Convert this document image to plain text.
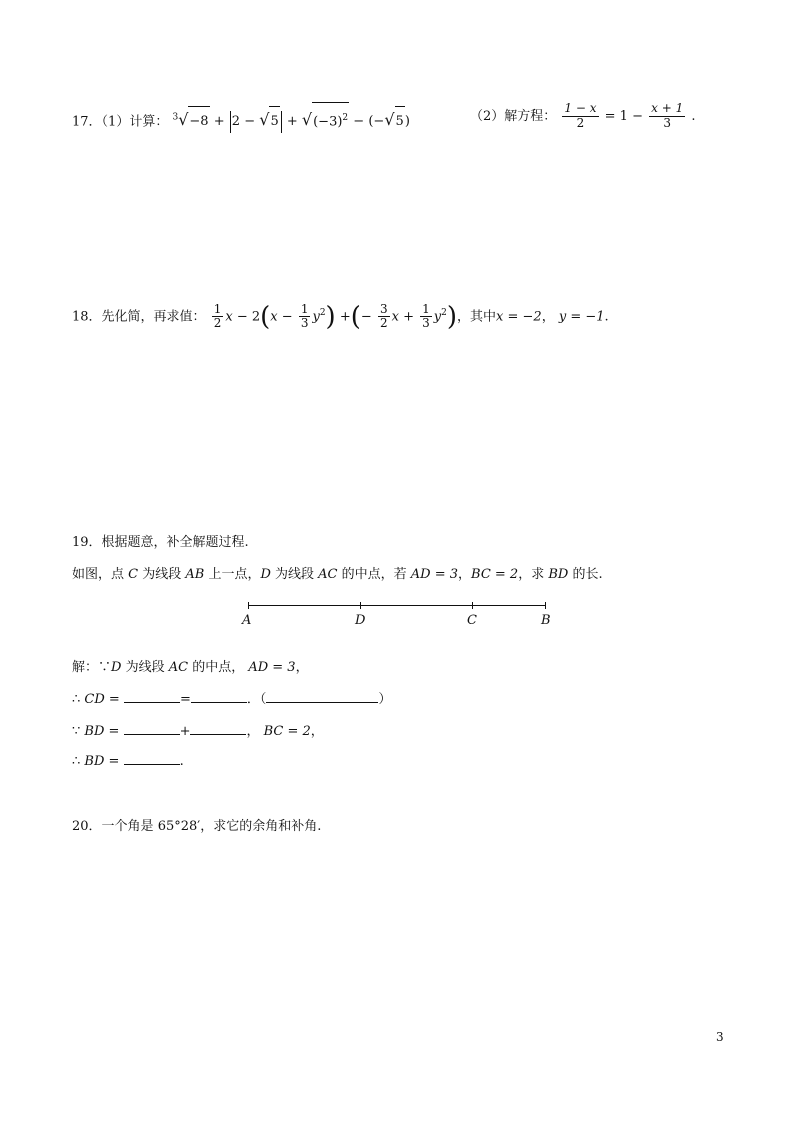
17．（1）计算： $^3√-8 + 2 - √5 + √(-3)^2 - (-√5)$	（2）解方程： $\frac{1 - x}{2} = 1 - \frac{x + 1}{3}$ .
18．先化简，再求值： $\frac{1}{2}$ $x - 2(x - \frac{1}{3} y^2)$ +(− $\frac{3}{2}$ $x + \frac{1}{3} y^2$)，其中x = −2， y = −1.
19．根据题意，补全解题过程.
如图，点 C 为线段 AB 上一点，D 为线段 AC 的中点，若 AD = 3，BC = 2，求 BD 的长.
A	D	C	B
解：∵D 为线段 AC 的中点， AD = 3，
∴ CD =	=	．（	）
∵ BD =	+	， BC = 2，
∴ BD =	.
20．一个角是 65°28′，求它的余角和补角.
3
